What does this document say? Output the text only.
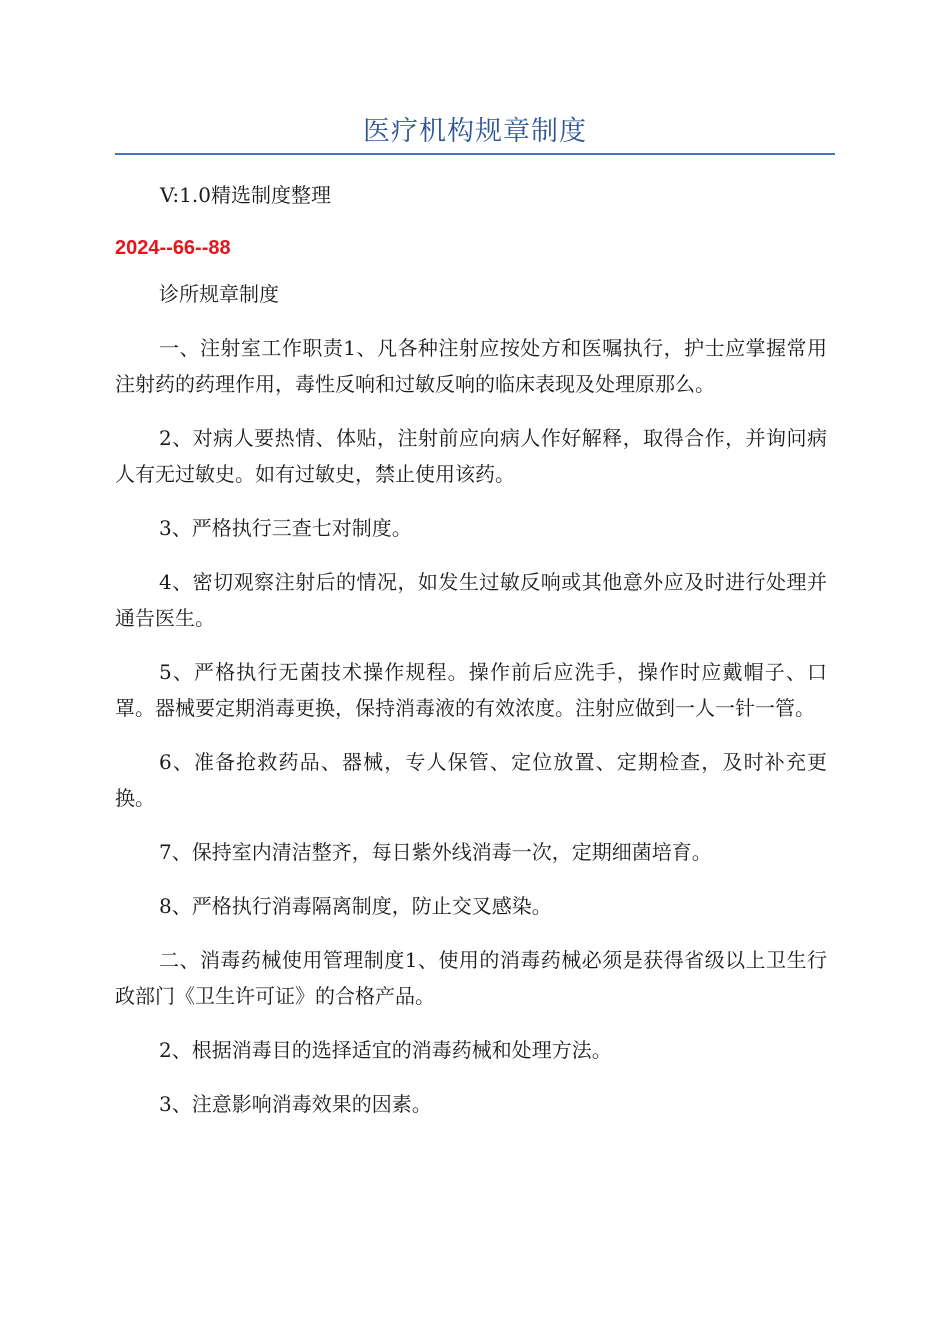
医疗机构规章制度
V:1.0精选制度整理
2024--66--88

诊所规章制度

一、注射室工作职责1、凡各种注射应按处方和医嘱执行，护士应掌握常用注射药的药理作用，毒性反响和过敏反响的临床表现及处理原那么。

2、对病人要热情、体贴，注射前应向病人作好解释，取得合作，并询问病人有无过敏史。如有过敏史，禁止使用该药。

3、严格执行三查七对制度。

4、密切观察注射后的情况，如发生过敏反响或其他意外应及时进行处理并通告医生。

5、严格执行无菌技术操作规程。操作前后应洗手，操作时应戴帽子、口罩。器械要定期消毒更换，保持消毒液的有效浓度。注射应做到一人一针一管。

6、准备抢救药品、器械，专人保管、定位放置、定期检查，及时补充更换。

7、保持室内清洁整齐，每日紫外线消毒一次，定期细菌培育。

8、严格执行消毒隔离制度，防止交叉感染。

二、消毒药械使用管理制度1、使用的消毒药械必须是获得省级以上卫生行政部门《卫生许可证》的合格产品。

2、根据消毒目的选择适宜的消毒药械和处理方法。

3、注意影响消毒效果的因素。
